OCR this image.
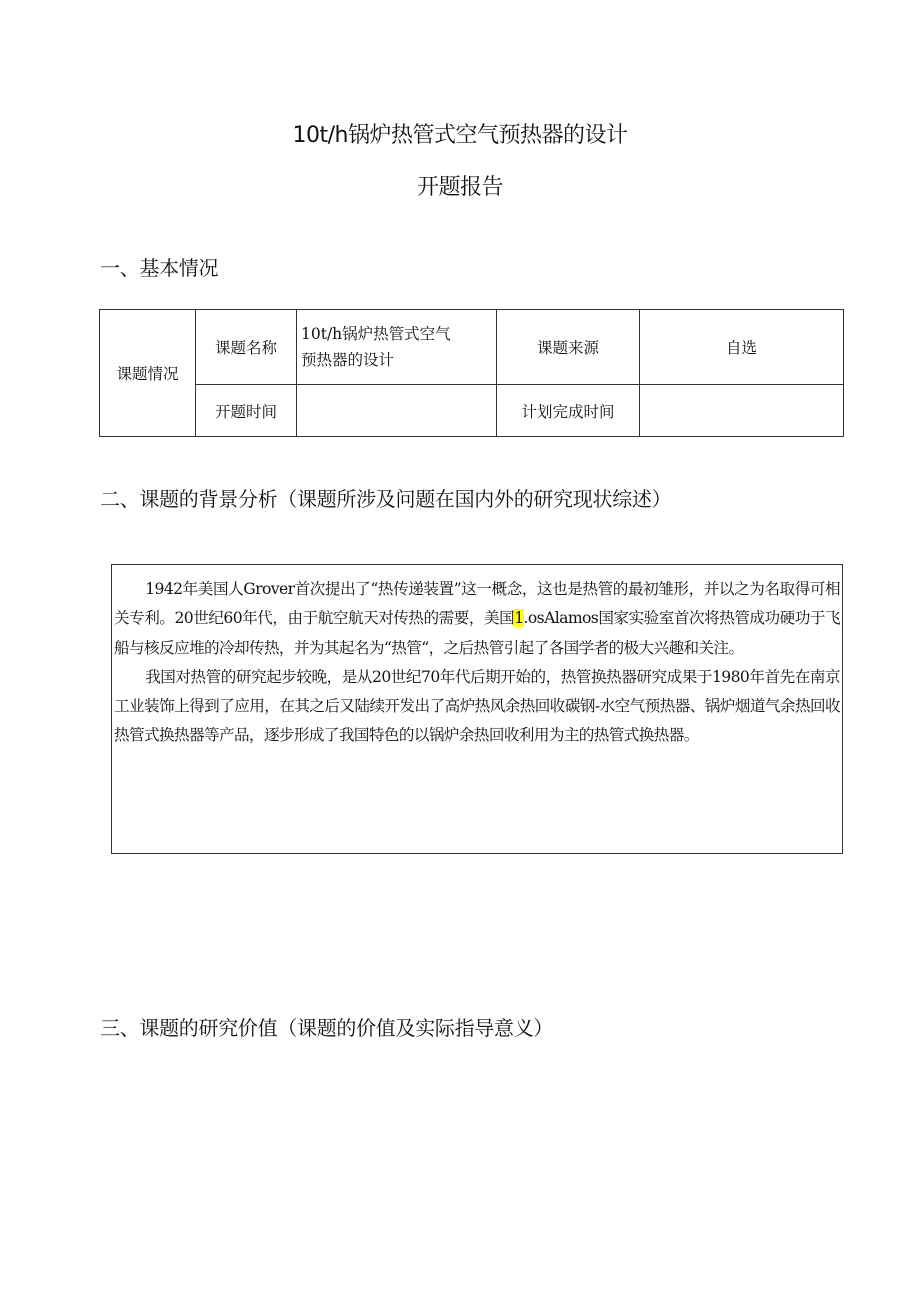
10t/h锅炉热管式空气预热器的设计
开题报告
一、基本情况
课题情况	课题名称	10t/h锅炉热管式空气
预热器的设计	课题来源	自选
	开题时间		计划完成时间	
二、课题的背景分析（课题所涉及问题在国内外的研究现状综述）

1942年美国人Grover首次提出了“热传递装置”这一概念，这也是热管的最初雏形，并以之为名取得可相关专利。20世纪60年代，由于航空航天对传热的需要，美国1.osAlamos国家实验室首次将热管成功硬功于飞船与核反应堆的冷却传热，并为其起名为“热管“，之后热管引起了各国学者的极大兴趣和关注。

我国对热管的研究起步较晚，是从20世纪70年代后期开始的，热管换热器研究成果于1980年首先在南京工业装饰上得到了应用，在其之后又陆续开发出了高炉热风余热回收碳钢-水空气预热器、锅炉烟道气余热回收热管式换热器等产品，逐步形成了我国特色的以锅炉余热回收利用为主的热管式换热器。

三、课题的研究价值（课题的价值及实际指导意义）
